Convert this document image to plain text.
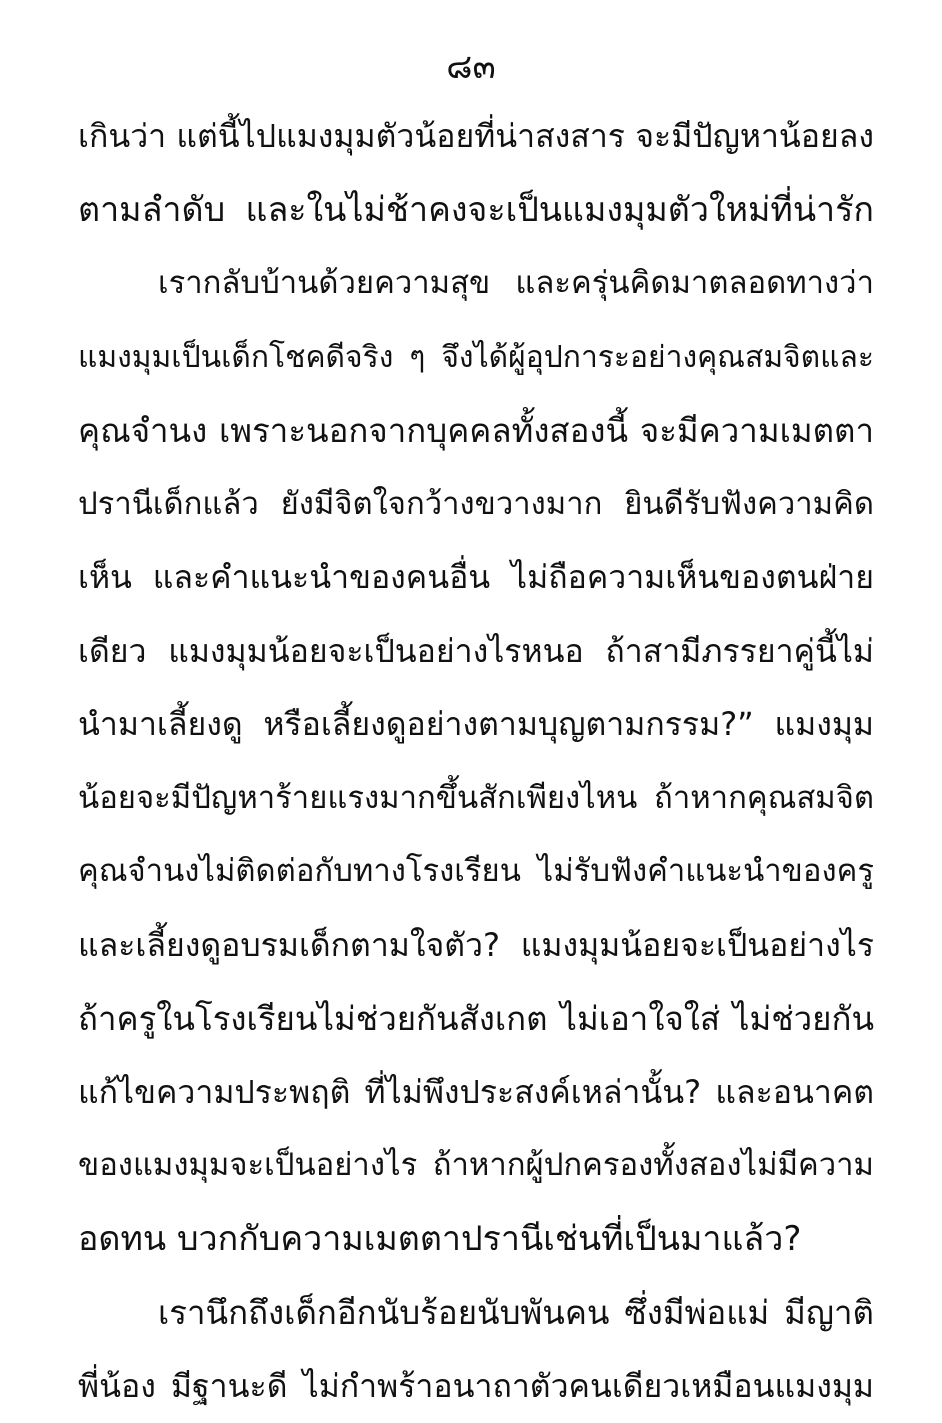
๘๓
เกินว่า แต่นี้ไปแมงมุมตัวน้อยที่น่าสงสาร จะมีปัญหาน้อยลง
ตามลำดับ และในไม่ช้าคงจะเป็นแมงมุมตัวใหม่ที่น่ารัก
เรากลับบ้านด้วยความสุข และครุ่นคิดมาตลอดทางว่า
แมงมุมเป็นเด็กโชคดีจริง ๆ จึงได้ผู้อุปการะอย่างคุณสมจิตและ
คุณจำนง เพราะนอกจากบุคคลทั้งสองนี้ จะมีความเมตตา
ปรานีเด็กแล้ว ยังมีจิตใจกว้างขวางมาก ยินดีรับฟังความคิด
เห็น และคำแนะนำของคนอื่น ไม่ถือความเห็นของตนฝ่าย
เดียว แมงมุมน้อยจะเป็นอย่างไรหนอ ถ้าสามีภรรยาคู่นี้ไม่
นำมาเลี้ยงดู หรือเลี้ยงดูอย่างตามบุญตามกรรม?” แมงมุม
น้อยจะมีปัญหาร้ายแรงมากขึ้นสักเพียงไหน ถ้าหากคุณสมจิต
คุณจำนงไม่ติดต่อกับทางโรงเรียน ไม่รับฟังคำแนะนำของครู
และเลี้ยงดูอบรมเด็กตามใจตัว? แมงมุมน้อยจะเป็นอย่างไร
ถ้าครูในโรงเรียนไม่ช่วยกันสังเกต ไม่เอาใจใส่ ไม่ช่วยกัน
แก้ไขความประพฤติ ที่ไม่พึงประสงค์เหล่านั้น? และอนาคต
ของแมงมุมจะเป็นอย่างไร ถ้าหากผู้ปกครองทั้งสองไม่มีความ
อดทน บวกกับความเมตตาปรานีเช่นที่เป็นมาแล้ว?
เรานึกถึงเด็กอีกนับร้อยนับพันคน ซึ่งมีพ่อแม่ มีญาติ
พี่น้อง มีฐานะดี ไม่กำพร้าอนาถาตัวคนเดียวเหมือนแมงมุม
